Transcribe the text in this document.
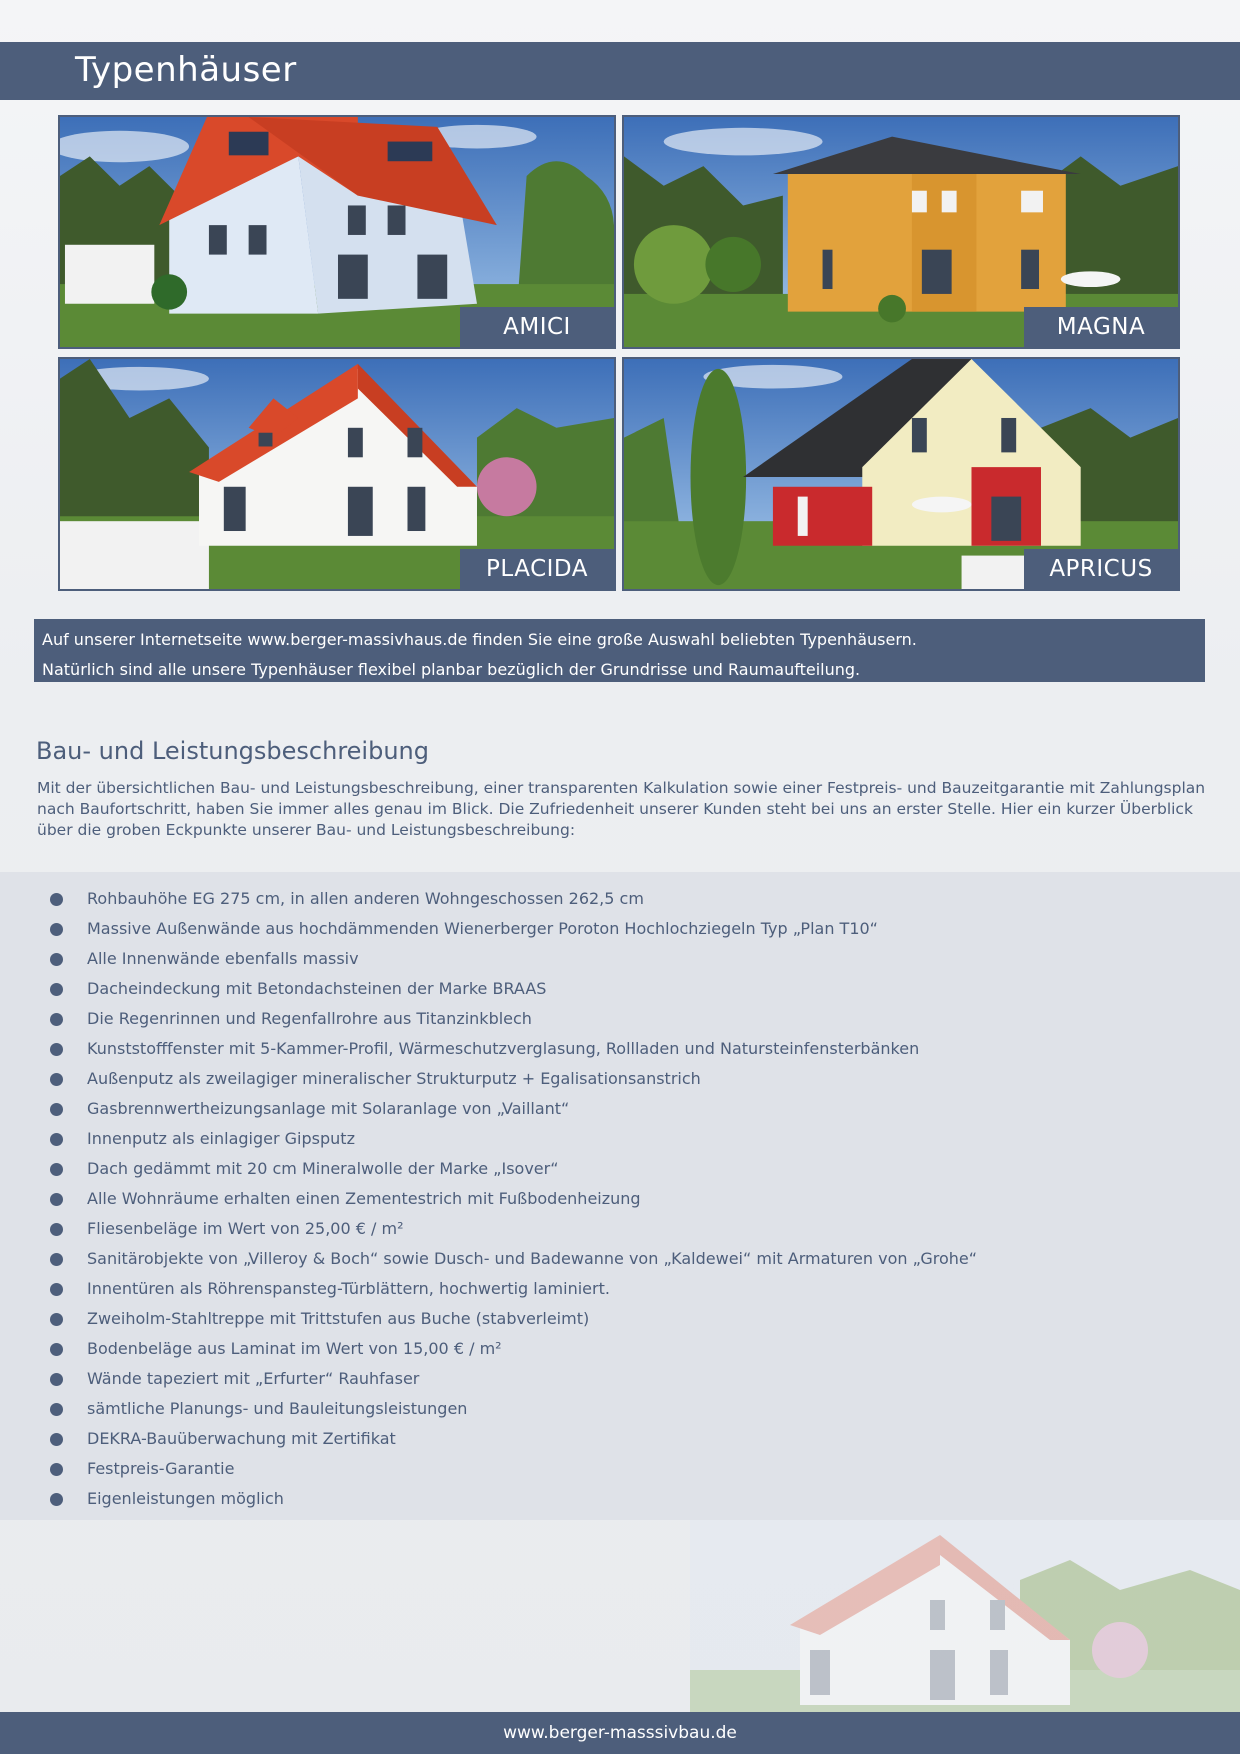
Typenhäuser
AMICI	MAGNA
PLACIDA	APRICUS
Auf unserer Internetseite www.berger-massivhaus.de finden Sie eine große Auswahl beliebten Typenhäusern.
Natürlich sind alle unsere Typenhäuser flexibel planbar bezüglich der Grundrisse und Raumaufteilung.
Bau- und Leistungsbeschreibung
Mit der übersichtlichen Bau- und Leistungsbeschreibung, einer transparenten Kalkulation sowie einer Festpreis- und Bauzeitgarantie mit Zahlungsplan nach Baufortschritt, haben Sie immer alles genau im Blick. Die Zufriedenheit unserer Kunden steht bei uns an erster Stelle. Hier ein kurzer Überblick über die groben Eckpunkte unserer Bau- und Leistungsbeschreibung:
Rohbauhöhe EG 275 cm, in allen anderen Wohngeschossen 262,5 cm
Massive Außenwände aus hochdämmenden Wienerberger Poroton Hochlochziegeln Typ „Plan T10“
Alle Innenwände ebenfalls massiv
Dacheindeckung mit Betondachsteinen der Marke BRAAS
Die Regenrinnen und Regenfallrohre aus Titanzinkblech
Kunststofffenster mit 5-Kammer-Profil, Wärmeschutzverglasung, Rollladen und Natursteinfensterbänken
Außenputz als zweilagiger mineralischer Strukturputz + Egalisationsanstrich
Gasbrennwertheizungsanlage mit Solaranlage von „Vaillant“
Innenputz als einlagiger Gipsputz
Dach gedämmt mit 20 cm Mineralwolle der Marke „Isover“
Alle Wohnräume erhalten einen Zementestrich mit Fußbodenheizung
Fliesenbeläge im Wert von 25,00 € / m²
Sanitärobjekte von „Villeroy & Boch“ sowie Dusch- und Badewanne von „Kaldewei“ mit Armaturen von „Grohe“
Innentüren als Röhrenspansteg-Türblättern, hochwertig laminiert.
Zweiholm-Stahltreppe mit Trittstufen aus Buche (stabverleimt)
Bodenbeläge aus Laminat im Wert von 15,00 € / m²
Wände tapeziert mit „Erfurter“ Rauhfaser
sämtliche Planungs- und Bauleitungsleistungen
DEKRA-Bauüberwachung mit Zertifikat
Festpreis-Garantie
Eigenleistungen möglich
www.berger-masssivbau.de
